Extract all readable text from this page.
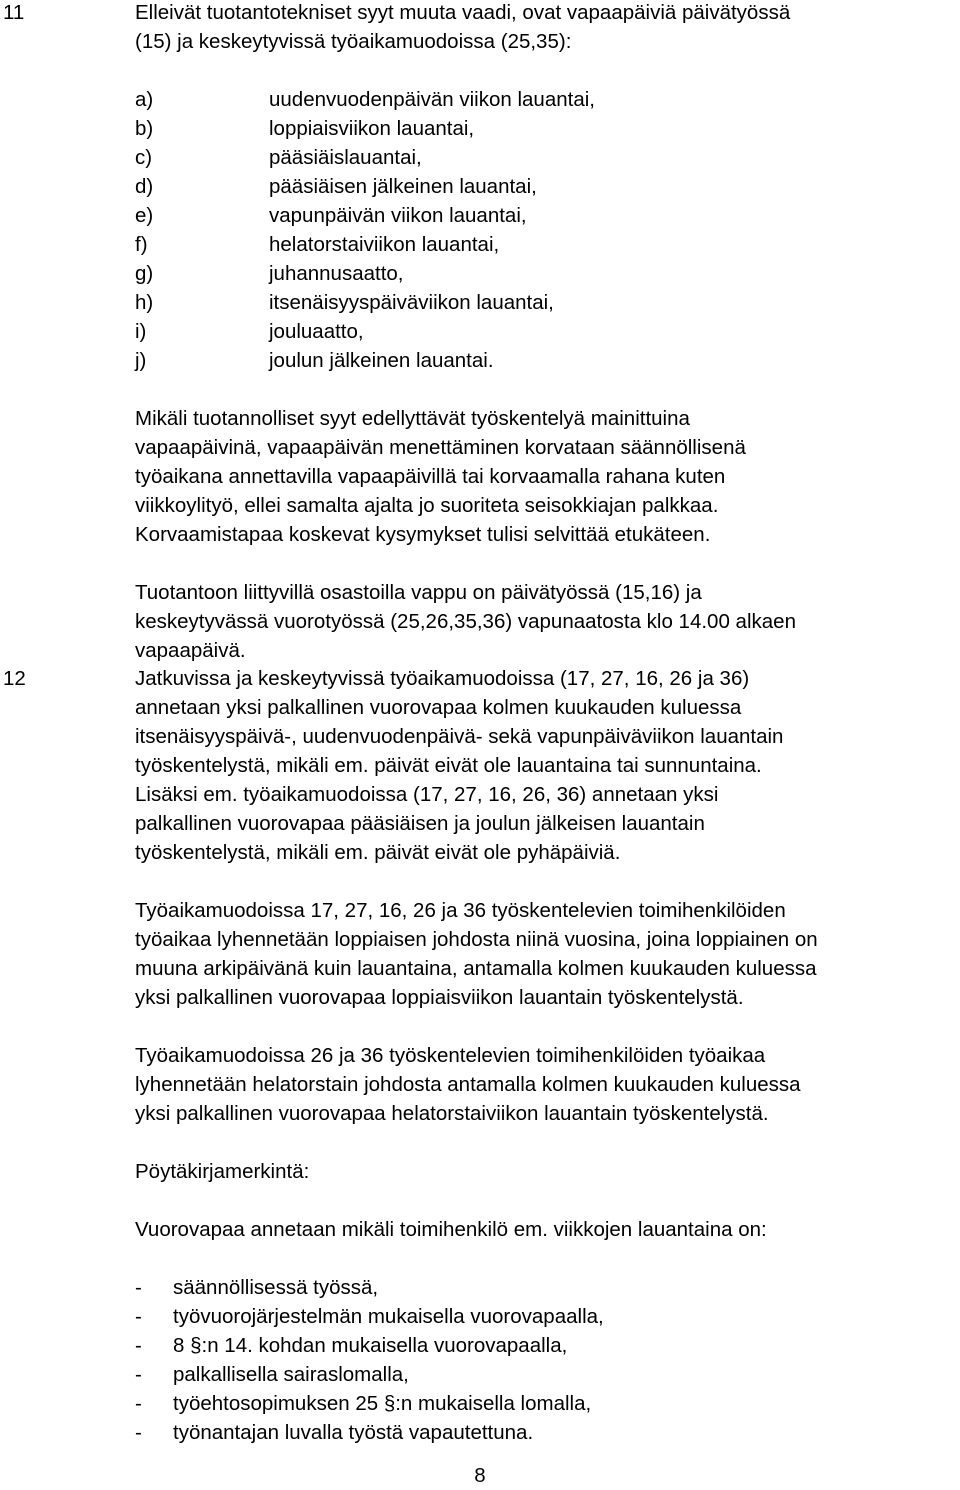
11	Elleivät tuotantotekniset syyt muuta vaadi, ovat vapaapäiviä päivätyössä

(15) ja keskeytyvissä työaikamuodoissa (25,35):

a)	uudenvuodenpäivän viikon lauantai,
b)	loppiaisviikon lauantai,
c)	pääsiäislauantai,
d)	pääsiäisen jälkeinen lauantai,
e)	vapunpäivän viikon lauantai,
f)	helatorstaiviikon lauantai,
g)	juhannusaatto,
h)	itsenäisyyspäiväviikon lauantai,
i)	jouluaatto,
j)	joulun jälkeinen lauantai.

Mikäli tuotannolliset syyt edellyttävät työskentelyä mainittuina

vapaapäivinä, vapaapäivän menettäminen korvataan säännöllisenä

työaikana annettavilla vapaapäivillä tai korvaamalla rahana kuten

viikkoylityö, ellei samalta ajalta jo suoriteta seisokkiajan palkkaa.

Korvaamistapaa koskevat kysymykset tulisi selvittää etukäteen.

Tuotantoon liittyvillä osastoilla vappu on päivätyössä (15,16) ja

keskeytyvässä vuorotyössä (25,26,35,36) vapunaatosta klo 14.00 alkaen

vapaapäivä.

12	Jatkuvissa ja keskeytyvissä työaikamuodoissa (17, 27, 16, 26 ja 36)

annetaan yksi palkallinen vuorovapaa kolmen kuukauden kuluessa

itsenäisyyspäivä-, uudenvuodenpäivä- sekä vapunpäiväviikon lauantain

työskentelystä, mikäli em. päivät eivät ole lauantaina tai sunnuntaina.

Lisäksi em. työaikamuodoissa (17, 27, 16, 26, 36) annetaan yksi

palkallinen vuorovapaa pääsiäisen ja joulun jälkeisen lauantain

työskentelystä, mikäli em. päivät eivät ole pyhäpäiviä.

Työaikamuodoissa 17, 27, 16, 26 ja 36 työskentelevien toimihenkilöiden

työaikaa lyhennetään loppiaisen johdosta niinä vuosina, joina loppiainen on

muuna arkipäivänä kuin lauantaina, antamalla kolmen kuukauden kuluessa

yksi palkallinen vuorovapaa loppiaisviikon lauantain työskentelystä.

Työaikamuodoissa 26 ja 36 työskentelevien toimihenkilöiden työaikaa

lyhennetään helatorstain johdosta antamalla kolmen kuukauden kuluessa

yksi palkallinen vuorovapaa helatorstaiviikon lauantain työskentelystä.

Pöytäkirjamerkintä:

Vuorovapaa annetaan mikäli toimihenkilö em. viikkojen lauantaina on:

-	säännöllisessä työssä,
-	työvuorojärjestelmän mukaisella vuorovapaalla,
-	8 §:n 14. kohdan mukaisella vuorovapaalla,
-	palkallisella sairaslomalla,
-	työehtosopimuksen 25 §:n mukaisella lomalla,
-	työnantajan luvalla työstä vapautettuna.
8
